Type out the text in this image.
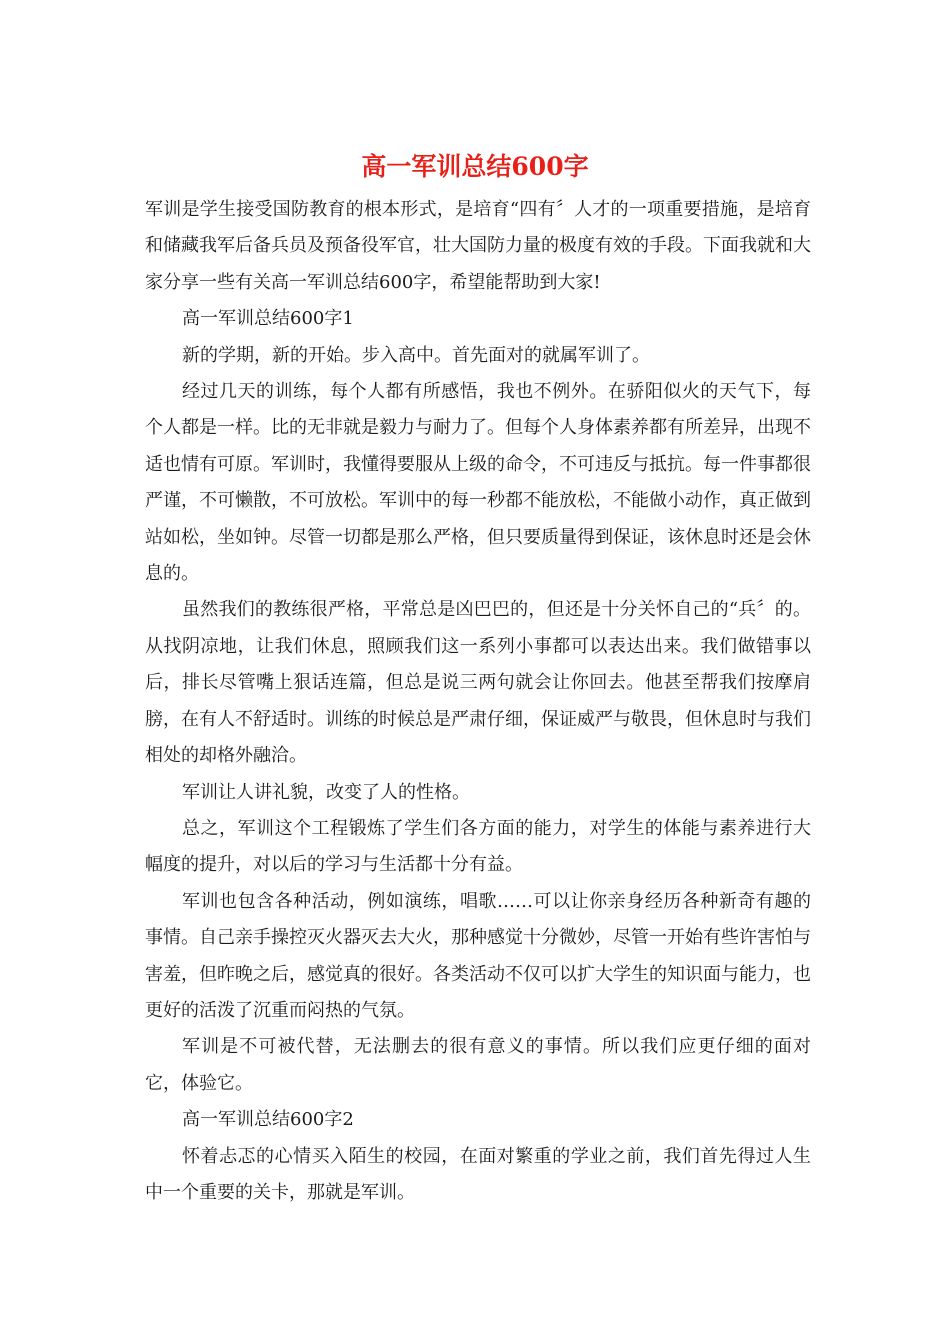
高一军训总结600字

军训是学生接受国防教育的根本形式，是培育“四有〞人才的一项重要措施，是培育和储藏我军后备兵员及预备役军官，壮大国防力量的极度有效的手段。下面我就和大家分享一些有关高一军训总结600字，希望能帮助到大家!

高一军训总结600字1

新的学期，新的开始。步入高中。首先面对的就属军训了。

经过几天的训练，每个人都有所感悟，我也不例外。在骄阳似火的天气下，每个人都是一样。比的无非就是毅力与耐力了。但每个人身体素养都有所差异，出现不适也情有可原。军训时，我懂得要服从上级的命令，不可违反与抵抗。每一件事都很严谨，不可懒散，不可放松。军训中的每一秒都不能放松，不能做小动作，真正做到站如松，坐如钟。尽管一切都是那么严格，但只要质量得到保证，该休息时还是会休息的。

虽然我们的教练很严格，平常总是凶巴巴的，但还是十分关怀自己的“兵〞的。从找阴凉地，让我们休息，照顾我们这一系列小事都可以表达出来。我们做错事以后，排长尽管嘴上狠话连篇，但总是说三两句就会让你回去。他甚至帮我们按摩肩膀，在有人不舒适时。训练的时候总是严肃仔细，保证威严与敬畏，但休息时与我们相处的却格外融洽。

军训让人讲礼貌，改变了人的性格。

总之，军训这个工程锻炼了学生们各方面的能力，对学生的体能与素养进行大幅度的提升，对以后的学习与生活都十分有益。

军训也包含各种活动，例如演练，唱歌……可以让你亲身经历各种新奇有趣的事情。自己亲手操控灭火器灭去大火，那种感觉十分微妙，尽管一开始有些许害怕与害羞，但昨晚之后，感觉真的很好。各类活动不仅可以扩大学生的知识面与能力，也更好的活泼了沉重而闷热的气氛。

军训是不可被代替，无法删去的很有意义的事情。所以我们应更仔细的面对它，体验它。

高一军训总结600字2

怀着忐忑的心情买入陌生的校园，在面对繁重的学业之前，我们首先得过人生中一个重要的关卡，那就是军训。
